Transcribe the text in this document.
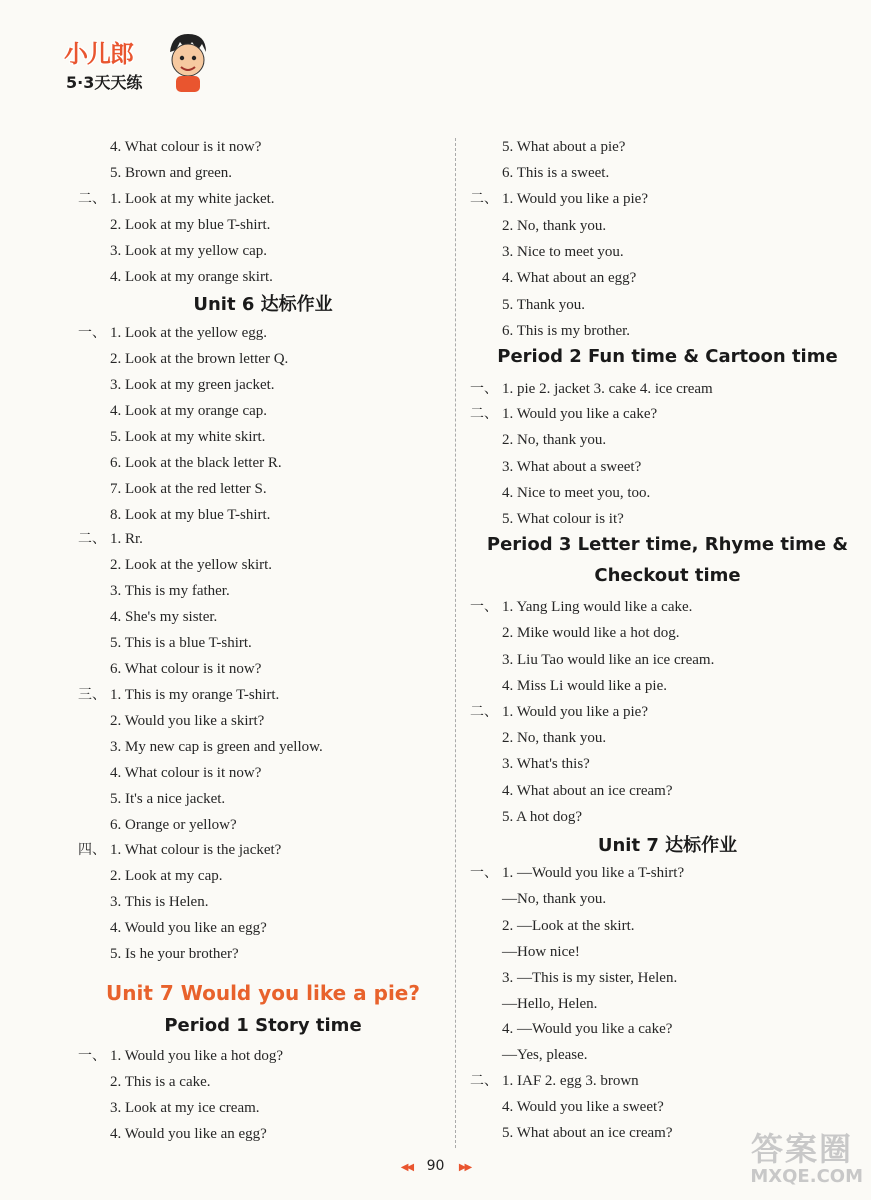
小儿郎
5·3天天练
4. What colour is it now?
5. Brown and green.
二、 1. Look at my white jacket.
2. Look at my blue T-shirt.
3. Look at my yellow cap.
4. Look at my orange skirt.
Unit 6 达标作业
一、 1. Look at the yellow egg.
2. Look at the brown letter Q.
3. Look at my green jacket.
4. Look at my orange cap.
5. Look at my white skirt.
6. Look at the black letter R.
7. Look at the red letter S.
8. Look at my blue T-shirt.
二、 1. Rr.
2. Look at the yellow skirt.
3. This is my father.
4. She's my sister.
5. This is a blue T-shirt.
6. What colour is it now?
三、 1. This is my orange T-shirt.
2. Would you like a skirt?
3. My new cap is green and yellow.
4. What colour is it now?
5. It's a nice jacket.
6. Orange or yellow?
四、 1. What colour is the jacket?
2. Look at my cap.
3. This is Helen.
4. Would you like an egg?
5. Is he your brother?
Unit 7 Would you like a pie?
Period 1 Story time
一、 1. Would you like a hot dog?
2. This is a cake.
3. Look at my ice cream.
4. Would you like an egg?
5. What about a pie?
6. This is a sweet.
二、 1. Would you like a pie?
2. No, thank you.
3. Nice to meet you.
4. What about an egg?
5. Thank you.
6. This is my brother.
Period 2 Fun time & Cartoon time
一、 1. pie 2. jacket 3. cake 4. ice cream
二、 1. Would you like a cake?
2. No, thank you.
3. What about a sweet?
4. Nice to meet you, too.
5. What colour is it?
Period 3 Letter time, Rhyme time &
Checkout time
一、 1. Yang Ling would like a cake.
2. Mike would like a hot dog.
3. Liu Tao would like an ice cream.
4. Miss Li would like a pie.
二、 1. Would you like a pie?
2. No, thank you.
3. What's this?
4. What about an ice cream?
5. A hot dog?
Unit 7 达标作业
一、 1. —Would you like a T-shirt?
—No, thank you.
2. —Look at the skirt.
—How nice!
3. —This is my sister, Helen.
—Hello, Helen.
4. —Would you like a cake?
—Yes, please.
二、 1. IAF 2. egg 3. brown
4. Would you like a sweet?
5. What about an ice cream?
◀◀ 90 ▶▶	答案圈
MXQE.COM
